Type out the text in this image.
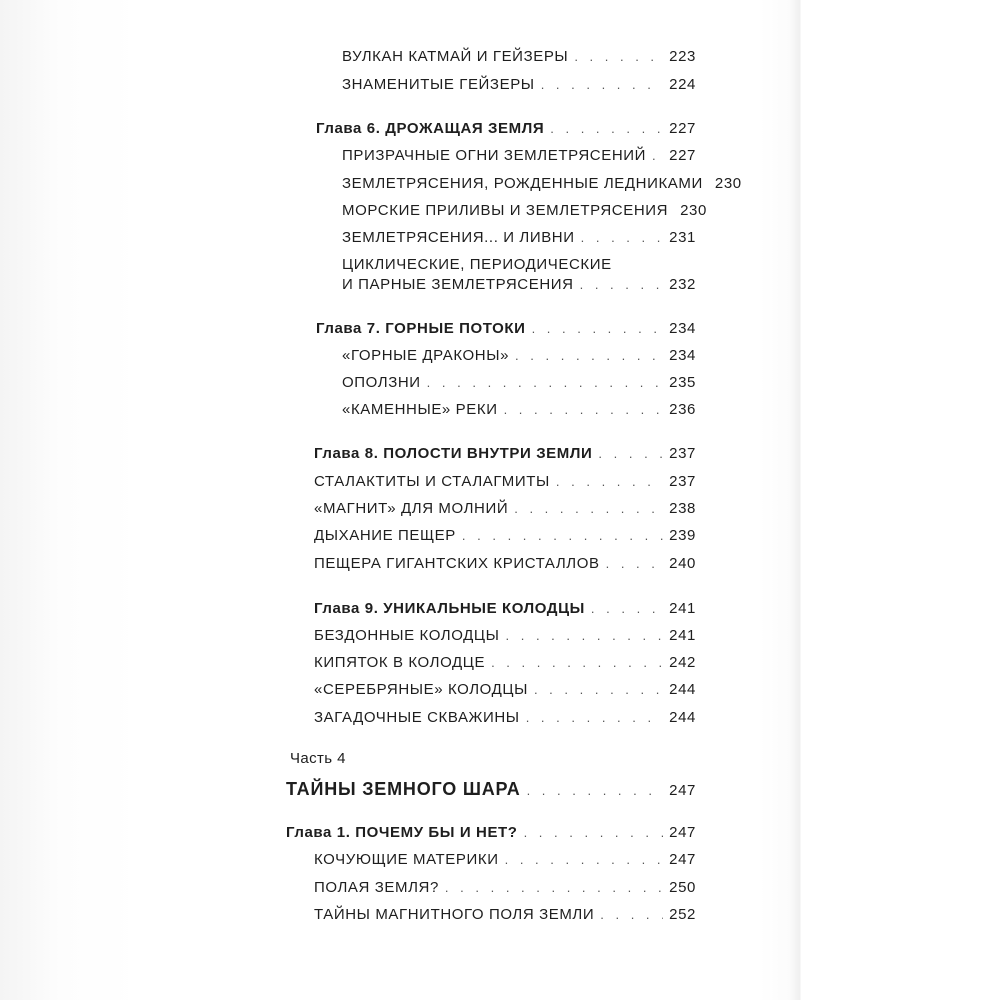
ВУЛКАН КАТМАЙ И ГЕЙЗЕРЫ . . .	223
ЗНАМЕНИТЫЕ ГЕЙЗЕРЫ . . .	224
Глава 6. ДРОЖАЩАЯ ЗЕМЛЯ . . .	227
ПРИЗРАЧНЫЕ ОГНИ ЗЕМЛЕТРЯСЕНИЙ . . . 227
ЗЕМЛЕТРЯСЕНИЯ, РОЖДЕННЫЕ ЛЕДНИКАМИ 230
МОРСКИЕ ПРИЛИВЫ И ЗЕМЛЕТРЯСЕНИЯ 230
ЗЕМЛЕТРЯСЕНИЯ... И ЛИВНИ . . .	231
ЦИКЛИЧЕСКИЕ, ПЕРИОДИЧЕСКИЕ
И ПАРНЫЕ ЗЕМЛЕТРЯСЕНИЯ . . .	232
Глава 7. ГОРНЫЕ ПОТОКИ . . .	234
«ГОРНЫЕ ДРАКОНЫ» . . .	234
ОПОЛЗНИ . . .	235
«КАМЕННЫЕ» РЕКИ . . .	236
Глава 8. ПОЛОСТИ ВНУТРИ ЗЕМЛИ . . .	237
СТАЛАКТИТЫ И СТАЛАГМИТЫ . . .	237
«МАГНИТ» ДЛЯ МОЛНИЙ . . .	238
ДЫХАНИЕ ПЕЩЕР . . .	239
ПЕЩЕРА ГИГАНТСКИХ КРИСТАЛЛОВ . . .	240
Глава 9. УНИКАЛЬНЫЕ КОЛОДЦЫ . . .	241
БЕЗДОННЫЕ КОЛОДЦЫ . . .	241
КИПЯТОК В КОЛОДЦЕ . . .	242
«СЕРЕБРЯНЫЕ» КОЛОДЦЫ . . .	244
ЗАГАДОЧНЫЕ СКВАЖИНЫ . . .	244
Часть 4
ТАЙНЫ ЗЕМНОГО ШАРА . . .	247
Глава 1. ПОЧЕМУ БЫ И НЕТ? . . .	247
КОЧУЮЩИЕ МАТЕРИКИ . . .	247
ПОЛАЯ ЗЕМЛЯ? . . .	250
ТАЙНЫ МАГНИТНОГО ПОЛЯ ЗЕМЛИ . . .	252
